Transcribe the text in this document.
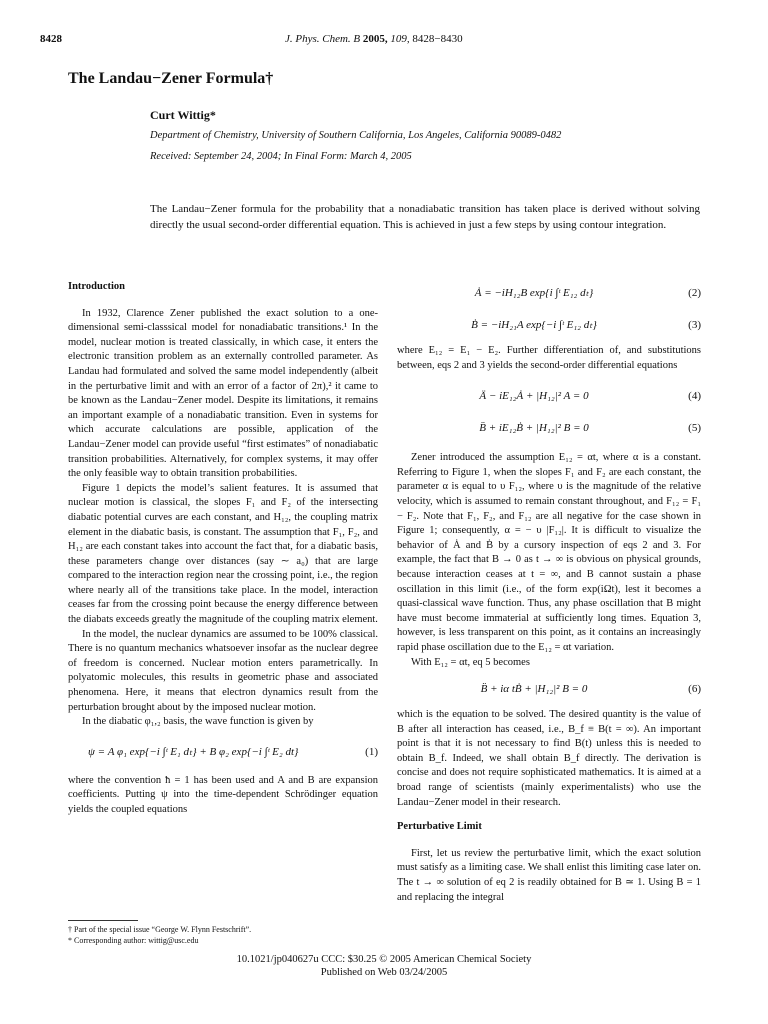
8428	J. Phys. Chem. B 2005, 109, 8428−8430
The Landau−Zener Formula†
Curt Wittig*
Department of Chemistry, University of Southern California, Los Angeles, California 90089-0482
Received: September 24, 2004; In Final Form: March 4, 2005
The Landau−Zener formula for the probability that a nonadiabatic transition has taken place is derived without solving directly the usual second-order differential equation. This is achieved in just a few steps by using contour integration.
Introduction

In 1932, Clarence Zener published the exact solution to a one-dimensional semi-classsical model for nonadiabatic transitions.¹ In the model, nuclear motion is treated classically, in which case, it enters the electronic transition problem as an externally controlled parameter. As Landau had formulated and solved the same model independently (albeit in the perturbative limit and with an error of a factor of 2π),² it came to be known as the Landau−Zener model. Despite its limitations, it remains an important example of a nonadiabatic transition. Even in systems for which accurate calculations are possible, application of the Landau−Zener model can provide useful “first estimates” of nonadiabatic transition probabilities. Alternatively, for complex systems, it may offer the only feasible way to obtain transition probabilities.

Figure 1 depicts the model’s salient features. It is assumed that nuclear motion is classical, the slopes F₁ and F₂ of the intersecting diabatic potential curves are each constant, and H₁₂, the coupling matrix element in the diabatic basis, is constant. The assumption that F₁, F₂, and H₁₂ are each constant takes into account the fact that, for a diabatic basis, these parameters change over distances (say ∼ a₀) that are large compared to the interaction region near the crossing point, i.e., the region where nearly all of the transitions take place. In the model, interaction ceases far from the crossing point because the energy difference between the diabats exceeds greatly the magnitude of the coupling matrix element.

In the model, the nuclear dynamics are assumed to be 100% classical. There is no quantum mechanics whatsoever insofar as the nuclear degree of freedom is concerned. Nuclear motion enters parametrically. In polyatomic molecules, this results in geometric phase and associated phenomena. Here, it means that electron dynamics result from the perturbation brought about by the imposed nuclear motion.

In the diabatic φ₁,₂ basis, the wave function is given by

ψ = A φ₁ exp{−i ∫ᵗ E₁ dₜ} + B φ₂ exp{−i ∫ᵗ E₂ dt}	(1)

where the convention ħ = 1 has been used and A and B are expansion coefficients. Putting ψ into the time-dependent Schrödinger equation yields the coupled equations

Ȧ = −iH₁₂B exp{i ∫ᵗ E₁₂ dₜ}	(2)
Ḃ = −iH₂₁A exp{−i ∫ᵗ E₁₂ dₜ}	(3)

where E₁₂ = E₁ − E₂. Further differentiation of, and substitutions between, eqs 2 and 3 yields the second-order differential equations

Ä − iE₁₂Ȧ + |H₁₂|² A = 0	(4)
B̈ + iE₁₂Ḃ + |H₁₂|² B = 0	(5)

Zener introduced the assumption E₁₂ = αt, where α is a constant. Referring to Figure 1, when the slopes F₁ and F₂ are each constant, the parameter α is equal to υ F₁₂, where υ is the magnitude of the relative velocity, which is assumed to remain constant throughout, and F₁₂ = F₁ − F₂. Note that F₁, F₂, and F₁₂ are all negative for the case shown in Figure 1; consequently, α = − υ |F₁₂|. It is difficult to visualize the behavior of Ȧ and Ḃ by a cursory inspection of eqs 2 and 3. For example, the fact that B → 0 as t → ∞ is obvious on physical grounds, because interaction ceases at t = ∞, and B cannot sustain a phase oscillation in this limit (i.e., of the form exp(iΩt), lest it becomes a quasi-classical wave function. Thus, any phase oscillation that B might have must become immaterial at sufficiently long times. Equation 3, however, is less transparent on this point, as it contains an increasingly rapid phase oscillation due to the E₁₂ = αt variation.

With E₁₂ = αt, eq 5 becomes

B̈ + iα tḂ + |H₁₂|² B = 0	(6)

which is the equation to be solved. The desired quantity is the value of B after all interaction has ceased, i.e., B_f ≡ B(t = ∞). An important point is that it is not necessary to find B(t) unless this is needed to obtain B_f. Indeed, we shall obtain B_f directly. The derivation is concise and does not require sophisticated mathematics. It is aimed at a broad range of scientists (mainly experimentalists) who use the Landau−Zener model in their research.

Perturbative Limit

First, let us review the perturbative limit, which the exact solution must satisfy as a limiting case. We shall enlist this limiting case later on. The t → ∞ solution of eq 2 is readily obtained for B ≃ 1. Using B = 1 and replacing the integral

† Part of the special issue “George W. Flynn Festschrift”.
* Corresponding author: wittig@usc.edu
10.1021/jp040627u CCC: $30.25 © 2005 American Chemical Society
Published on Web 03/24/2005
